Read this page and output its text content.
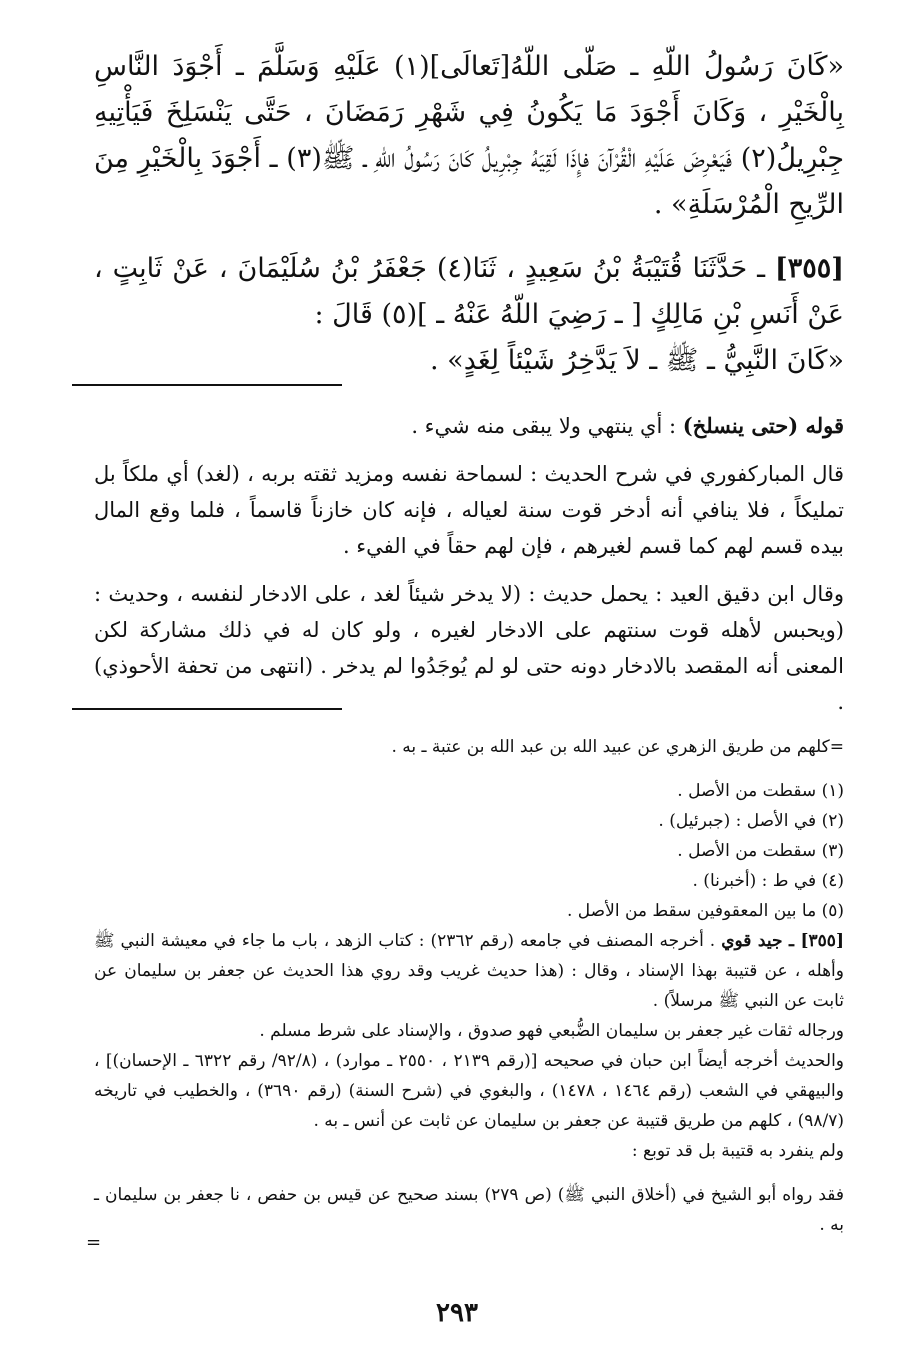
«كَانَ رَسُولُ اللّهِ ـ صَلّى اللّهُ[تَعالَى](١) عَلَيْهِ وَسَلَّمَ ـ أَجْوَدَ النَّاسِ بِالْخَيْرِ ، وَكَانَ أَجْوَدَ مَا يَكُونُ فِي شَهْرِ رَمَضَانَ ، حَتَّى يَنْسَلِخَ فَيَأْتِيهِ جِبْرِيلُ(٢) فَيَعْرِضَ عَلَيْهِ الْقُرْآنَ فإِذَا لَقِيَهُ جِبْرِيلُ كَانَ رَسُولُ اللّهِ ـ ﷺ(٣) ـ أَجْوَدَ بِالْخَيْرِ مِنَ الرِّيحِ الْمُرْسَلَةِ» .

[٣٥٥] ـ حَدَّثَنَا قُتَيْبَةُ بْنُ سَعِيدٍ ، ثَنَا(٤) جَعْفَرُ بْنُ سُلَيْمَانَ ، عَنْ ثَابِتٍ ، عَنْ أَنَسِ بْنِ مَالِكٍ [ ـ رَضِيَ اللّهُ عَنْهُ ـ ](٥) قَالَ :

«كَانَ النَّبِيُّ ـ ﷺ ـ لاَ يَدَّخِرُ شَيْئاً لِغَدٍ» .

قوله (حتى ينسلخ) : أي ينتهي ولا يبقى منه شيء .

قال المباركفوري في شرح الحديث : لسماحة نفسه ومزيد ثقته بربه ، (لغد) أي ملكاً بل تمليكاً ، فلا ينافي أنه أدخر قوت سنة لعياله ، فإنه كان خازناً قاسماً ، فلما وقع المال بيده قسم لهم كما قسم لغيرهم ، فإن لهم حقاً في الفيء .

وقال ابن دقيق العيد : يحمل حديث : (لا يدخر شيئاً لغد ، على الادخار لنفسه ، وحديث : (ويحبس لأهله قوت سنتهم على الادخار لغيره ، ولو كان له في ذلك مشاركة لكن المعنى أنه المقصد بالادخار دونه حتى لو لم يُوجَدُوا لم يدخر . (انتهى من تحفة الأحوذي) .

=كلهم من طريق الزهري عن عبيد الله بن عبد الله بن عتبة ـ به .

(١) سقطت من الأصل .

(٢) في الأصل : (جبرئيل) .

(٣) سقطت من الأصل .

(٤) في ط : (أخبرنا) .

(٥) ما بين المعقوفين سقط من الأصل .

[٣٥٥] ـ جيد قوي . أخرجه المصنف في جامعه (رقم ٢٣٦٢) : كتاب الزهد ، باب ما جاء في معيشة النبي ﷺ وأهله ، عن قتيبة بهذا الإسناد ، وقال : (هذا حديث غريب وقد روي هذا الحديث عن جعفر بن سليمان عن ثابت عن النبي ﷺ مرسلاً) .

ورجاله ثقات غير جعفر بن سليمان الضُّبعي فهو صدوق ، والإسناد على شرط مسلم .

والحديث أخرجه أيضاً ابن حبان في صحيحه [(رقم ٢١٣٩ ، ٢٥٥٠ ـ موارد) ، (٩٢/٨/ رقم ٦٣٢٢ ـ الإحسان)] ، والبيهقي في الشعب (رقم ١٤٦٤ ، ١٤٧٨) ، والبغوي في (شرح السنة) (رقم ٣٦٩٠) ، والخطيب في تاريخه (٩٨/٧) ، كلهم من طريق قتيبة عن جعفر بن سليمان عن ثابت عن أنس ـ به .

ولم ينفرد به قتيبة بل قد توبع :

فقد رواه أبو الشيخ في (أخلاق النبي ﷺ) (ص ٢٧٩) بسند صحيح عن قيس بن حفص ، نا جعفر بن سليمان ـ به .

=
٢٩٣
